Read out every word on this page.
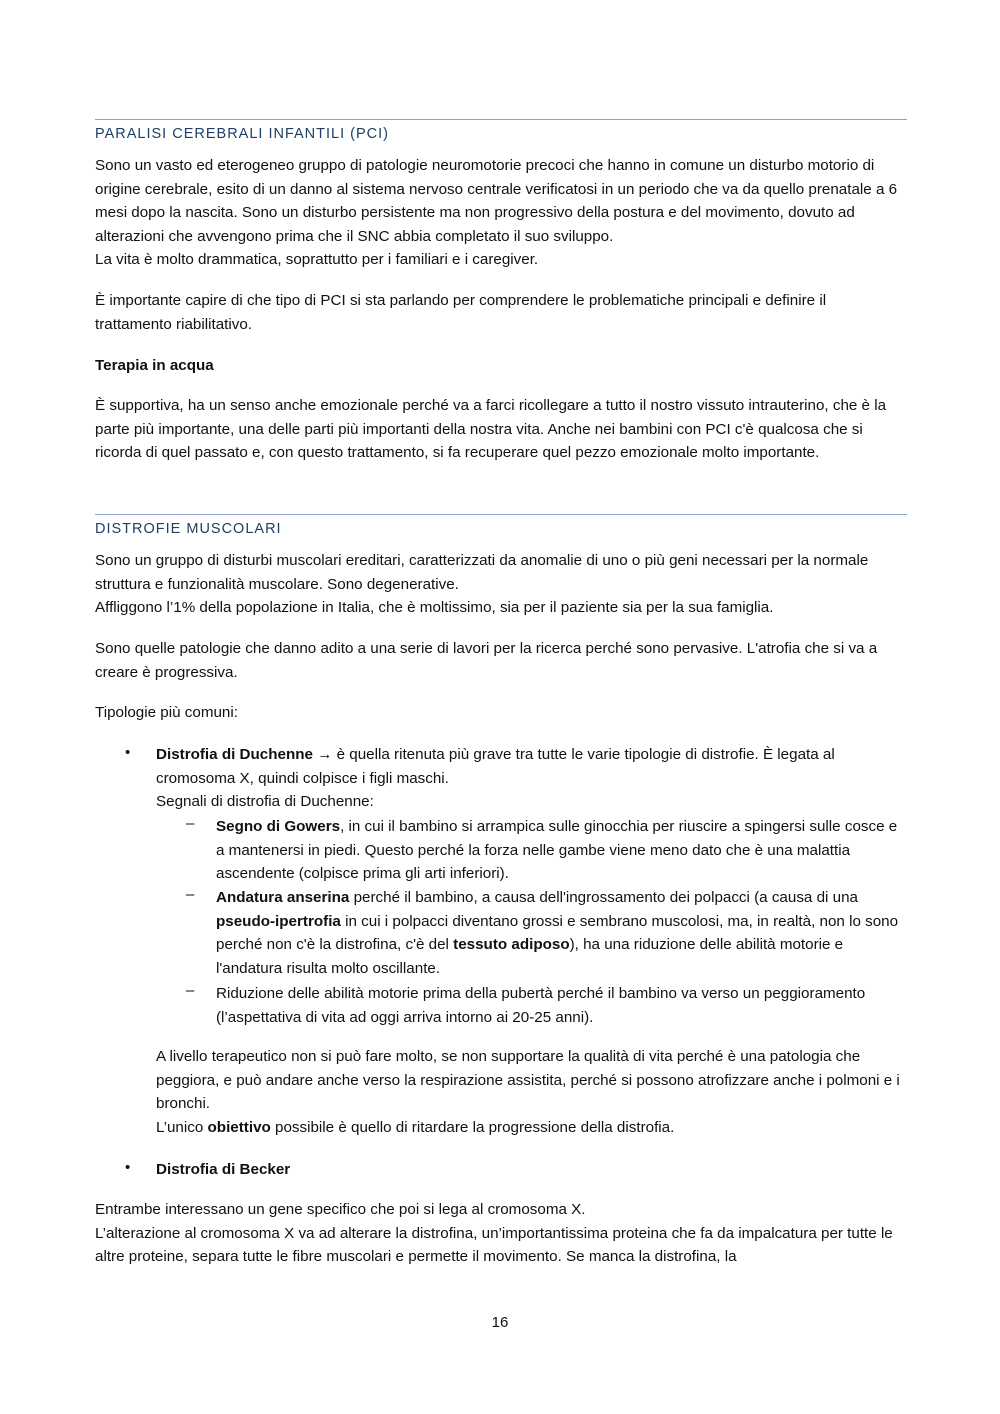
PARALISI CEREBRALI INFANTILI (PCI)
Sono un vasto ed eterogeneo gruppo di patologie neuromotorie precoci che hanno in comune un disturbo motorio di origine cerebrale, esito di un danno al sistema nervoso centrale verificatosi in un periodo che va da quello prenatale a 6 mesi dopo la nascita. Sono un disturbo persistente ma non progressivo della postura e del movimento, dovuto ad alterazioni che avvengono prima che il SNC abbia completato il suo sviluppo.
La vita è molto drammatica, soprattutto per i familiari e i caregiver.
È importante capire di che tipo di PCI si sta parlando per comprendere le problematiche principali e definire il trattamento riabilitativo.
Terapia in acqua
È supportiva, ha un senso anche emozionale perché va a farci ricollegare a tutto il nostro vissuto intrauterino, che è la parte più importante, una delle parti più importanti della nostra vita. Anche nei bambini con PCI c'è qualcosa che si ricorda di quel passato e, con questo trattamento, si fa recuperare quel pezzo emozionale molto importante.
DISTROFIE MUSCOLARI
Sono un gruppo di disturbi muscolari ereditari, caratterizzati da anomalie di uno o più geni necessari per la normale struttura e funzionalità muscolare. Sono degenerative.
Affliggono l’1% della popolazione in Italia, che è moltissimo, sia per il paziente sia per la sua famiglia.
Sono quelle patologie che danno adito a una serie di lavori per la ricerca perché sono pervasive. L'atrofia che si va a creare è progressiva.
Tipologie più comuni:
• Distrofia di Duchenne → è quella ritenuta più grave tra tutte le varie tipologie di distrofie. È legata al cromosoma X, quindi colpisce i figli maschi.
Segnali di distrofia di Duchenne:
– Segno di Gowers, in cui il bambino si arrampica sulle ginocchia per riuscire a spingersi sulle cosce e a mantenersi in piedi. Questo perché la forza nelle gambe viene meno dato che è una malattia ascendente (colpisce prima gli arti inferiori).
– Andatura anserina perché il bambino, a causa dell'ingrossamento dei polpacci (a causa di una pseudo-ipertrofia in cui i polpacci diventano grossi e sembrano muscolosi, ma, in realtà, non lo sono perché non c'è la distrofina, c'è del tessuto adiposo), ha una riduzione delle abilità motorie e l'andatura risulta molto oscillante.
– Riduzione delle abilità motorie prima della pubertà perché il bambino va verso un peggioramento (l’aspettativa di vita ad oggi arriva intorno ai 20-25 anni).
A livello terapeutico non si può fare molto, se non supportare la qualità di vita perché è una patologia che peggiora, e può andare anche verso la respirazione assistita, perché si possono atrofizzare anche i polmoni e i bronchi.
L’unico obiettivo possibile è quello di ritardare la progressione della distrofia.
• Distrofia di Becker
Entrambe interessano un gene specifico che poi si lega al cromosoma X.
L’alterazione al cromosoma X va ad alterare la distrofina, un’importantissima proteina che fa da impalcatura per tutte le altre proteine, separa tutte le fibre muscolari e permette il movimento. Se manca la distrofina, la
16
